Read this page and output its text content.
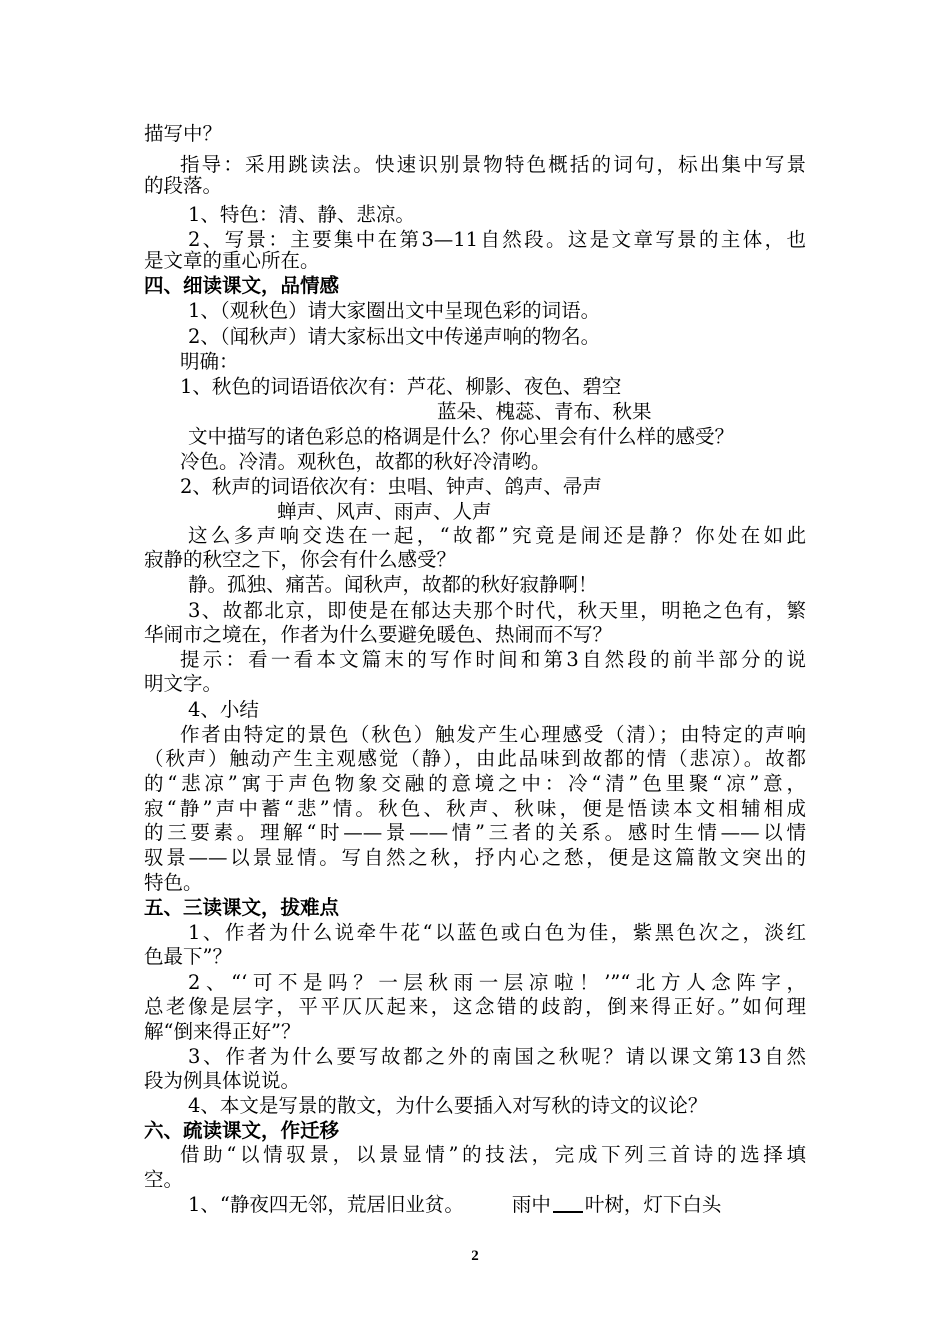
描写中？
指导：采用跳读法。快速识别景物特色概括的词句，标出集中写景
的段落。
1、特色：清、静、悲凉。
2、写景：主要集中在第3—11自然段。这是文章写景的主体，也
是文章的重心所在。
四、细读课文，品情感
1、（观秋色）请大家圈出文中呈现色彩的词语。
2、（闻秋声）请大家标出文中传递声响的物名。
明确：
1、秋色的词语语依次有：芦花、柳影、夜色、碧空
蓝朵、槐蕊、青布、秋果
文中描写的诸色彩总的格调是什么？你心里会有什么样的感受？
冷色。冷清。观秋色，故都的秋好冷清哟。
2、秋声的词语依次有：虫唱、钟声、鸽声、帚声
蝉声、风声、雨声、人声
这么多声响交迭在一起，“故都”究竟是闹还是静？你处在如此
寂静的秋空之下，你会有什么感受？
静。孤独、痛苦。闻秋声，故都的秋好寂静啊！
3、故都北京，即使是在郁达夫那个时代，秋天里，明艳之色有，繁
华闹市之境在，作者为什么要避免暖色、热闹而不写？
提示：看一看本文篇末的写作时间和第3自然段的前半部分的说
明文字。
4、小结
作者由特定的景色（秋色）触发产生心理感受（清）；由特定的声响
（秋声）触动产生主观感觉（静），由此品味到故都的情（悲凉）。故都
的“悲凉”寓于声色物象交融的意境之中：冷“清”色里聚“凉”意，
寂“静”声中蓄“悲”情。秋色、秋声、秋味，便是悟读本文相辅相成
的三要素。理解“时——景——情”三者的关系。感时生情——以情
驭景——以景显情。写自然之秋，抒内心之愁，便是这篇散文突出的
特色。
五、三读课文，拔难点
1、作者为什么说牵牛花“以蓝色或白色为佳，紫黑色次之，淡红
色最下”？
2、“‘可不是吗？一层秋雨一层凉啦！’”“北方人念阵字，
总老像是层字，平平仄仄起来，这念错的歧韵，倒来得正好。”如何理
解“倒来得正好”？
3、作者为什么要写故都之外的南国之秋呢？请以课文第13自然
段为例具体说说。
4、本文是写景的散文，为什么要插入对写秋的诗文的议论？
六、疏读课文，作迁移
借助“以情驭景，以景显情”的技法，完成下列三首诗的选择填
空。
1、“静夜四无邻，荒居旧业贫。 雨中 叶树，灯下白头
2
